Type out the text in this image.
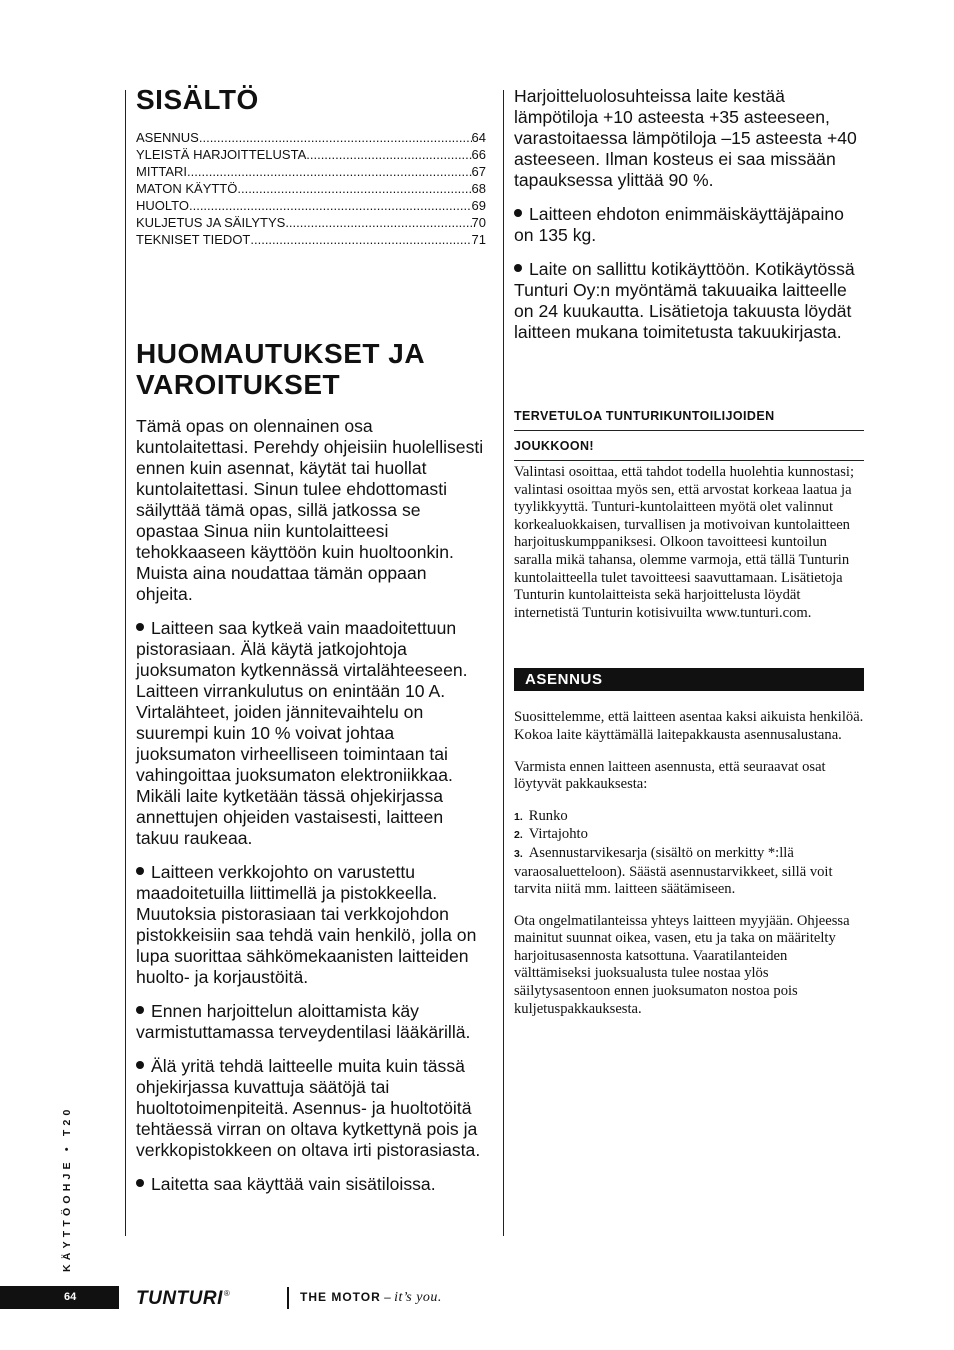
SISÄLTÖ
ASENNUS .....	64
YLEISTÄ HARJOITTELUSTA .....	66
MITTARI .....	67
MATON KÄYTTÖ .....	68
HUOLTO .....	69
KULJETUS JA SÄILYTYS .....	70
TEKNISET TIEDOT .....	71
HUOMAUTUKSET JA
VAROITUKSET

Tämä opas on olennainen osa kuntolaitettasi. Perehdy ohjeisiin huolellisesti ennen kuin asennat, käytät tai huollat kuntolaitettasi. Sinun tulee ehdottomasti säilyttää tämä opas, sillä jatkossa se opastaa Sinua niin kuntolaitteesi tehokkaaseen käyttöön kuin huoltoonkin. Muista aina noudattaa tämän oppaan ohjeita.

Laitteen saa kytkeä vain maadoitettuun pistorasiaan. Älä käytä jatkojohtoja juoksumaton kytkennässä virtalähteeseen. Laitteen virrankulutus on enintään 10 A. Virtalähteet, joiden jännitevaihtelu on suurempi kuin 10 % voivat johtaa juoksumaton virheelliseen toimintaan tai vahingoittaa juoksumaton elektroniikkaa. Mikäli laite kytketään tässä ohjekirjassa annettujen ohjeiden vastaisesti, laitteen takuu raukeaa.

Laitteen verkkojohto on varustettu maadoitetuilla liittimellä ja pistokkeella. Muutoksia pistorasiaan tai verkkojohdon pistokkeisiin saa tehdä vain henkilö, jolla on lupa suorittaa sähkömekaanisten laitteiden huolto- ja korjaustöitä.

Ennen harjoittelun aloittamista käy varmistuttamassa terveydentilasi lääkärillä.

Älä yritä tehdä laitteelle muita kuin tässä ohjekirjassa kuvattuja säätöjä tai huoltotoimenpiteitä. Asennus- ja huoltotöitä tehtäessä virran on oltava kytkettynä pois ja verkkopistokkeen on oltava irti pistorasiasta.

Laitetta saa käyttää vain sisätiloissa.

Harjoitteluolosuhteissa laite kestää lämpötiloja +10 asteesta +35 asteeseen, varastoitaessa lämpötiloja –15 asteesta +40 asteeseen. Ilman kosteus ei saa missään tapauksessa ylittää 90 %.

Laitteen ehdoton enimmäiskäyttäjäpaino on 135 kg.

Laite on sallittu kotikäyttöön. Kotikäytössä Tunturi Oy:n myöntämä takuuaika laitteelle on 24 kuukautta. Lisätietoja takuusta löydät laitteen mukana toimitetusta takuukirjasta.

TERVETULOA TUNTURIKUNTOILIJOIDEN
JOUKKOON!

Valintasi osoittaa, että tahdot todella huolehtia kunnostasi; valintasi osoittaa myös sen, että arvostat korkeaa laatua ja tyylikkyyttä. Tunturi-kuntolaitteen myötä olet valinnut korkealuokkaisen, turvallisen ja motivoivan kuntolaitteen harjoituskumppaniksesi. Olkoon tavoitteesi kuntoilun saralla mikä tahansa, olemme varmoja, että tällä Tunturin kuntolaitteella tulet tavoitteesi saavuttamaan. Lisätietoja Tunturin kuntolaitteista sekä harjoittelusta löydät internetistä Tunturin kotisivuilta www.tunturi.com.

ASENNUS

Suosittelemme, että laitteen asentaa kaksi aikuista henkilöä. Kokoa laite käyttämällä laitepakkausta asennusalustana.

Varmista ennen laitteen asennusta, että seuraavat osat löytyvät pakkauksesta:

1. Runko

2. Virtajohto

3. Asennustarvikesarja (sisältö on merkitty *:llä varaosaluetteloon). Säästä asennustarvikkeet, sillä voit tarvita niitä mm. laitteen säätämiseen.

Ota ongelmatilanteissa yhteys laitteen myyjään. Ohjeessa mainitut suunnat oikea, vasen, etu ja taka on määritelty harjoitusasennosta katsottuna. Vaaratilanteiden välttämiseksi juoksualusta tulee nostaa ylös säilytysasentoon ennen juoksumaton nostoa pois kuljetuspakkauksesta.

KÄYTTÖOHJE • T20
64	TUNTURI®	THE MOTOR – it’s you.
